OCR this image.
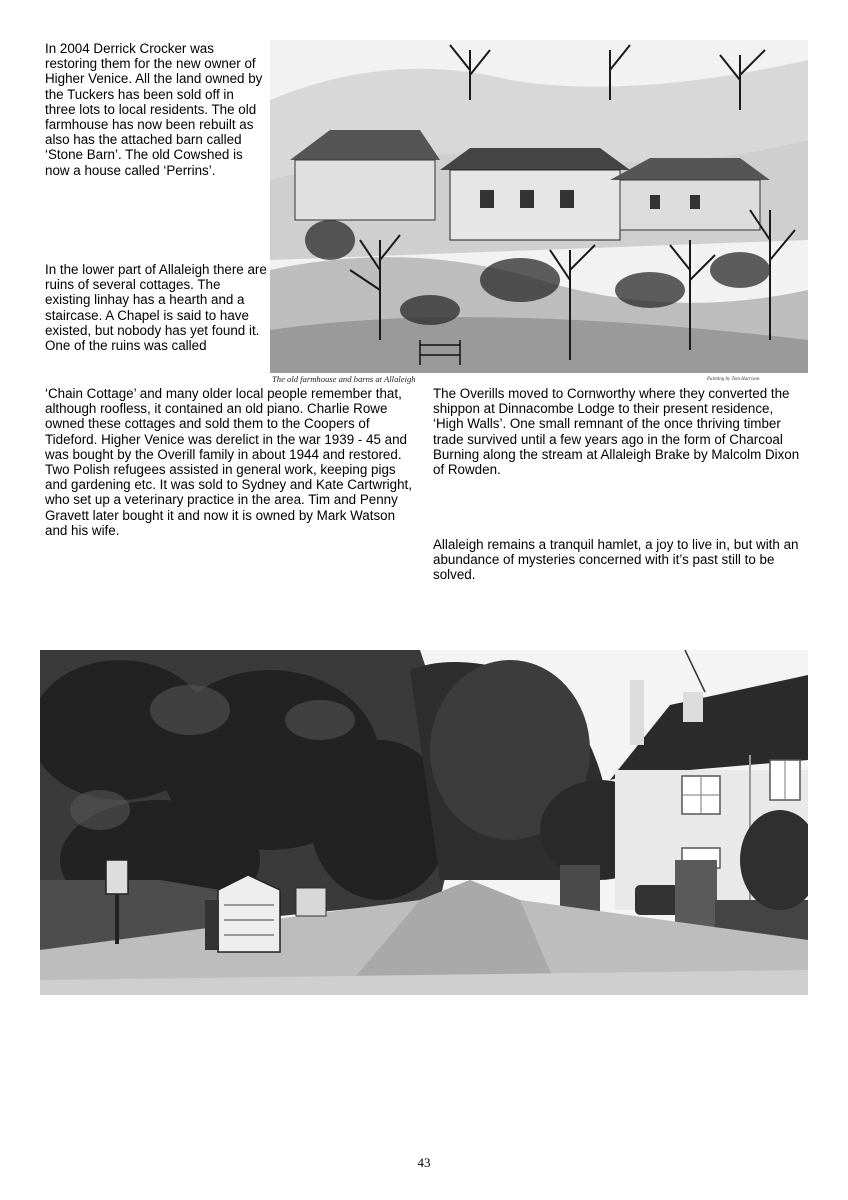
In 2004 Derrick Crocker was restoring them for the new owner of Higher Venice. All the land owned by the Tuckers has been sold off in three lots to local residents. The old farmhouse has now been rebuilt as also has the attached barn called ‘Stone Barn’. The old Cowshed is now a house called ‘Perrins’.

In the lower part of Allaleigh there are ruins of several cottages. The existing linhay has a hearth and a staircase. A Chapel is said to have existed, but nobody has yet found it. One of the ruins was called

‘Chain Cottage’ and many older local people remember that, although roofless, it contained an old piano. Charlie Rowe owned these cottages and sold them to the Coopers of Tideford. Higher Venice was derelict in the war 1939 - 45 and was bought by the Overill family in about 1944 and restored. Two Polish refugees assisted in general work, keeping pigs and gardening etc. It was sold to Sydney and Kate Cartwright, who set up a veterinary practice in the area. Tim and Penny Gravett later bought it and now it is owned by Mark Watson and his wife.

The Overills moved to Cornworthy where they converted the shippon at Dinnacombe Lodge to their present residence, ‘High Walls’. One small remnant of the once thriving timber trade survived until a few years ago in the form of Charcoal Burning along the stream at Allaleigh Brake by Malcolm Dixon of Rowden.

Allaleigh remains a tranquil hamlet, a joy to live in, but with an abundance of mysteries concerned with it’s past still to be solved.

The old farmhouse and barns at Allaleigh	Painting by Tom Harrison
43
